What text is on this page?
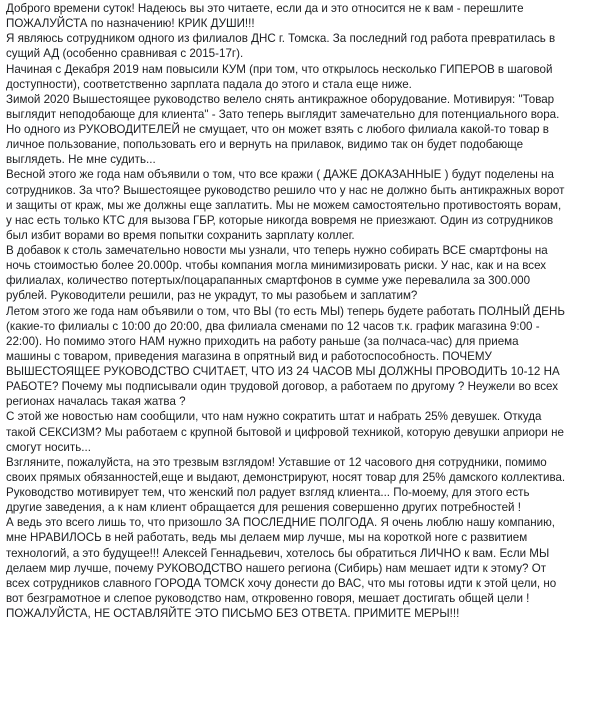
Доброго времени суток! Надеюсь вы это читаете, если да и это относится не к вам - перешлите
ПОЖАЛУЙСТА по назначению! КРИК ДУШИ!!!
Я являюсь сотрудником одного из филиалов ДНС г. Томска. За последний год работа превратилась в
сущий АД (особенно сравнивая с 2015-17г).
Начиная с Декабря 2019 нам повысили КУМ (при том, что открылось несколько ГИПЕРОВ в шаговой
доступности), соответственно зарплата падала до этого и стала еще ниже.
Зимой 2020 Вышестоящее руководство велело снять антикражное оборудование. Мотивируя: "Товар
выглядит неподобающе для клиента" - Зато теперь выглядит замечательно для потенциального вора.
Но одного из РУКОВОДИТЕЛЕЙ не смущает, что он может взять с любого филиала какой-то товар в
личное пользование, попользовать его и вернуть на прилавок, видимо так он будет подобающе
выглядеть. Не мне судить...
Весной этого же года нам объявили о том, что все кражи ( ДАЖЕ ДОКАЗАННЫЕ ) будут поделены на
сотрудников. За что? Вышестоящее руководство решило что у нас не должно быть антикражных ворот
и защиты от краж, мы же должны еще заплатить. Мы не можем самостоятельно противостоять ворам,
у нас есть только КТС для вызова ГБР, которые никогда вовремя не приезжают. Один из сотрудников
был избит ворами во время попытки сохранить зарплату коллег.
В добавок к столь замечательно новости мы узнали, что теперь нужно собирать ВСЕ смартфоны на
ночь стоимостью более 20.000р. чтобы компания могла минимизировать риски. У нас, как и на всех
филиалах, количество потертых/поцарапанных смартфонов в сумме уже перевалила за 300.000
рублей. Руководители решили, раз не украдут, то мы разобьем и заплатим?
Летом этого же года нам объявили о том, что ВЫ (то есть МЫ) теперь будете работать ПОЛНЫЙ ДЕНЬ
(какие-то филиалы с 10:00 до 20:00, два филиала сменами по 12 часов т.к. график магазина 9:00 -
22:00). Но помимо этого НАМ нужно приходить на работу раньше (за полчаса-час) для приема
машины с товаром, приведения магазина в опрятный вид и работоспособность. ПОЧЕМУ
ВЫШЕСТОЯЩЕЕ РУКОВОДСТВО СЧИТАЕТ, ЧТО ИЗ 24 ЧАСОВ МЫ ДОЛЖНЫ ПРОВОДИТЬ 10-12 НА
РАБОТЕ? Почему мы подписывали один трудовой договор, а работаем по другому ? Неужели во всех
регионах началась такая жатва ?
С этой же новостью нам сообщили, что нам нужно сократить штат и набрать 25% девушек. Откуда
такой СЕКСИЗМ? Мы работаем с крупной бытовой и цифровой техникой, которую девушки априори не
смогут носить...
Взгляните, пожалуйста, на это трезвым взглядом! Уставшие от 12 часового дня сотрудники, помимо
своих прямых обязанностей,еще и выдают, демонстрируют, носят товар для 25% дамского коллектива.
Руководство мотивирует тем, что женский пол радует взгляд клиента... По-моему, для этого есть
другие заведения, а к нам клиент обращается для решения совершенно других потребностей !
А ведь это всего лишь то, что призошло ЗА ПОСЛЕДНИЕ ПОЛГОДА. Я очень люблю нашу компанию,
мне НРАВИЛОСЬ в ней работать, ведь мы делаем мир лучше, мы на короткой ноге с развитием
технологий, а это будущее!!! Алексей Геннадьевич, хотелось бы обратиться ЛИЧНО к вам. Если МЫ
делаем мир лучше, почему РУКОВОДСТВО нашего региона (Сибирь) нам мешает идти к этому? От
всех сотрудников славного ГОРОДА ТОМСК хочу донести до ВАС, что мы готовы идти к этой цели, но
вот безграмотное и слепое руководство нам, откровенно говоря, мешает достигать общей цели !
ПОЖАЛУЙСТА, НЕ ОСТАВЛЯЙТЕ ЭТО ПИСЬМО БЕЗ ОТВЕТА. ПРИМИТЕ МЕРЫ!!!
